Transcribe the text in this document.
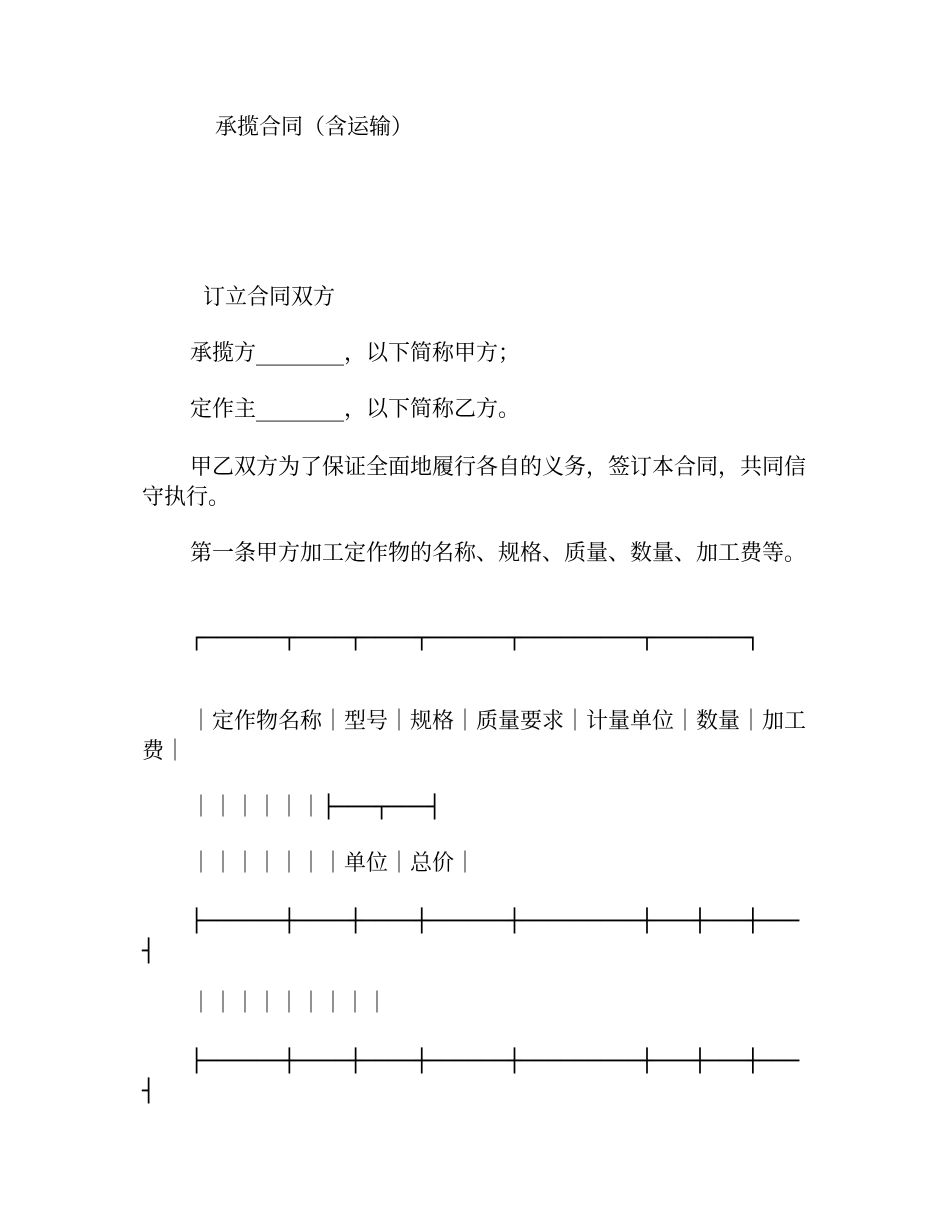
承揽合同（含运输）
订立合同双方
承揽方________，以下简称甲方；
定作主________，以下简称乙方。
甲乙双方为了保证全面地履行各自的义务，签订本合同，共同信守执行。
第一条甲方加工定作物的名称、规格、质量、数量、加工费等。
┌──────┬────┬────┬──────┬─────────┬───────┐
｜定作物名称｜型号｜规格｜质量要求｜计量单位｜数量｜加工费｜
｜｜｜｜｜｜├───┬───┤
｜｜｜｜｜｜｜单位｜总价｜
├──────┼────┼────┼──────┼─────────┼───┼───┼───┤
｜｜｜｜｜｜｜｜｜
├──────┼────┼────┼──────┼─────────┼───┼───┼───┤
